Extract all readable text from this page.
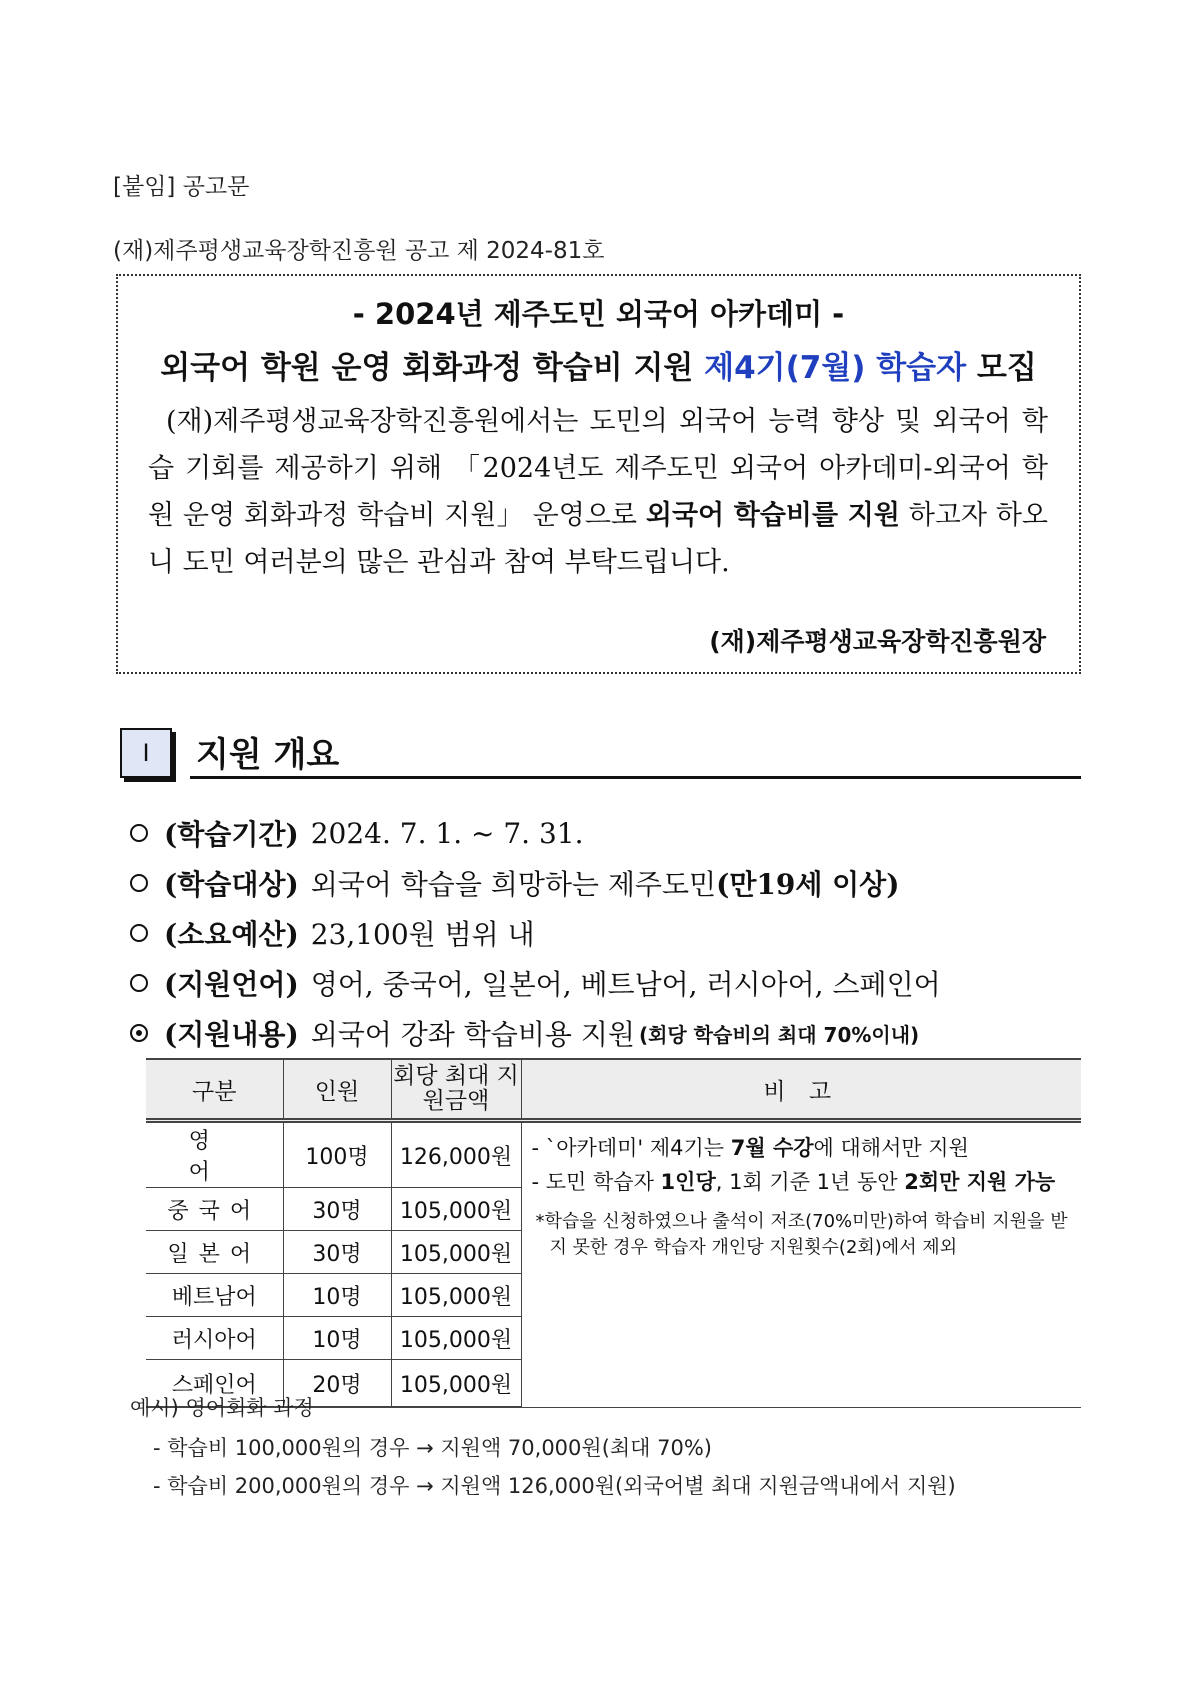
[붙임] 공고문
(재)제주평생교육장학진흥원 공고 제 2024-81호
- 2024년 제주도민 외국어 아카데미 -
외국어 학원 운영 회화과정 학습비 지원 제4기(7월) 학습자 모집
(재)제주평생교육장학진흥원에서는 도민의 외국어 능력 향상 및 외국어 학습 기회를 제공하기 위해 「2024년도 제주도민 외국어 아카데미-외국어 학원 운영 회화과정 학습비 지원」 운영으로 외국어 학습비를 지원 하고자 하오니 도민 여러분의 많은 관심과 참여 부탁드립니다.
(재)제주평생교육장학진흥원장
Ⅰ	지원 개요
(학습기간) 2024. 7. 1. ~ 7. 31.
(학습대상) 외국어 학습을 희망하는 제주도민 (만19세 이상)
(소요예산) 23,100원 범위 내
(지원언어) 영어, 중국어, 일본어, 베트남어, 러시아어, 스페인어
(지원내용) 외국어 강좌 학습비용 지원 (회당 학습비의 최대 70%이내)
구분	인원	회당 최대 지원금액	비 고
영 어	100명	126,000원	- `아카데미' 제4기는 7월 수강에 대해서만 지원
- 도민 학습자 1인당, 1회 기준 1년 동안 2회만 지원 가능
*학습을 신청하였으나 출석이 저조(70%미만)하여 학습비 지원을 받지 못한 경우 학습자 개인당 지원횟수(2회)에서 제외

중국어	30명	105,000원	
일본어	30명	105,000원	
베트남어	10명	105,000원	
러시아어	10명	105,000원	
스페인어	20명	105,000원	
예시) 영어회화 과정
- 학습비 100,000원의 경우 → 지원액 70,000원(최대 70%)
- 학습비 200,000원의 경우 → 지원액 126,000원(외국어별 최대 지원금액내에서 지원)
